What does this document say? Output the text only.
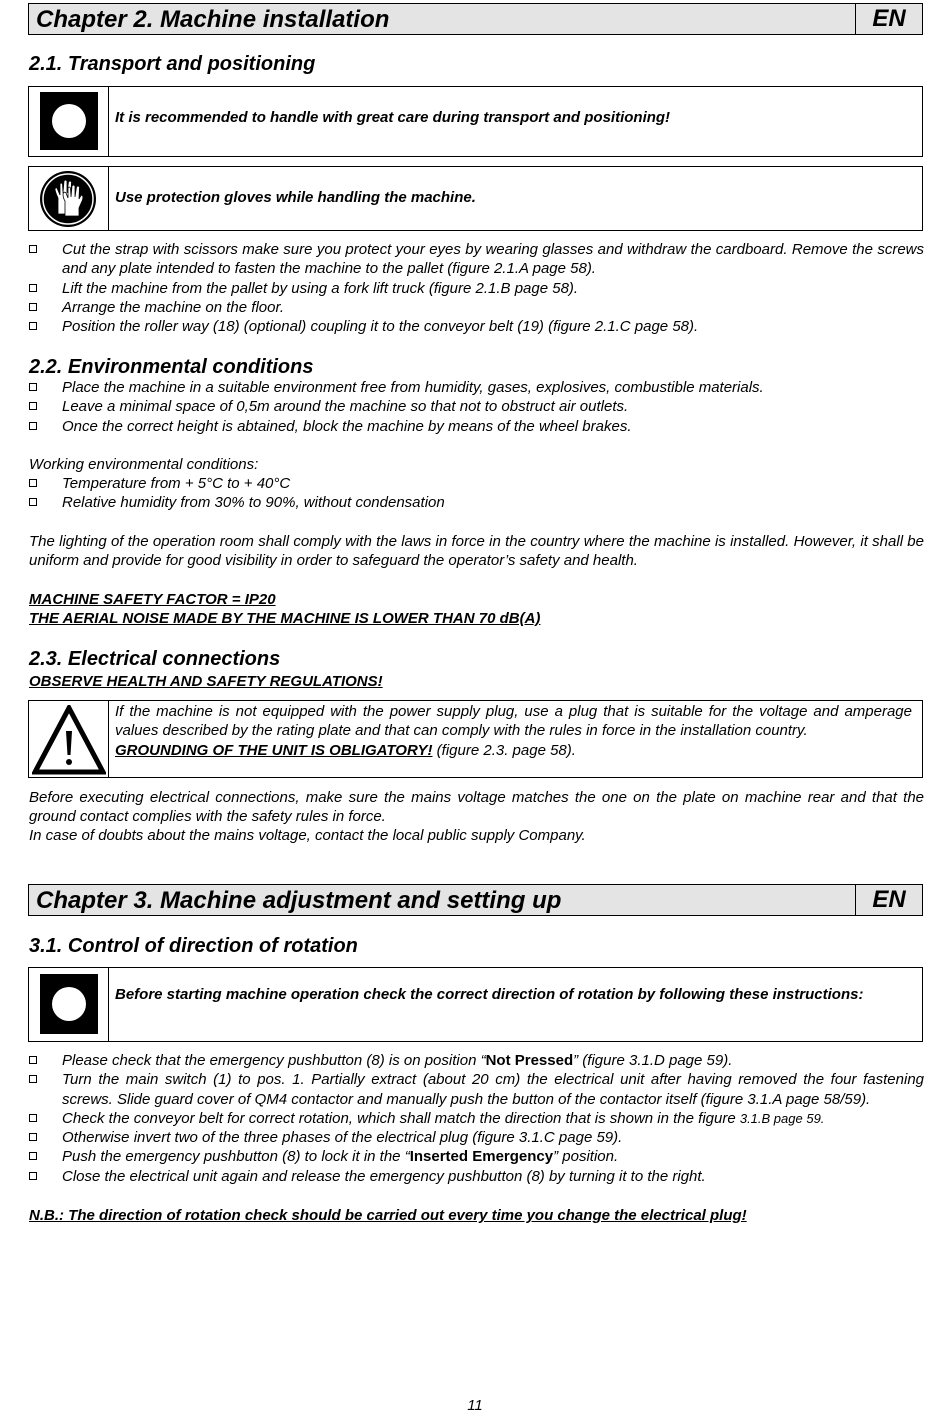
Chapter 2. Machine installation	EN
2.1. Transport and positioning
It is recommended to handle with great care during transport and positioning!
Use protection gloves while handling the machine.
Cut the strap with scissors make sure you protect your eyes by wearing glasses and withdraw the cardboard. Remove the screws and any plate intended to fasten the machine to the pallet (figure 2.1.A page 58).
Lift the machine from the pallet by using a fork lift truck (figure 2.1.B page 58).
Arrange the machine on the floor.
Position the roller way (18) (optional) coupling it to the conveyor belt (19) (figure 2.1.C page 58).
2.2. Environmental conditions
Place the machine in a suitable environment free from humidity, gases, explosives, combustible materials.
Leave a minimal space of 0,5m around the machine so that not to obstruct air outlets.
Once the correct height is abtained, block the machine by means of the wheel brakes.
Working environmental conditions:
Temperature from + 5°C to + 40°C
Relative humidity from 30% to 90%, without condensation
The lighting of the operation room shall comply with the laws in force in the country where the machine is installed. However, it shall be uniform and provide for good visibility in order to safeguard the operator’s safety and health.
MACHINE SAFETY FACTOR = IP20
THE AERIAL NOISE MADE BY THE MACHINE IS LOWER THAN 70 dB(A)
2.3. Electrical connections
OBSERVE HEALTH AND SAFETY REGULATIONS!
If the machine is not equipped with the power supply plug, use a plug that is suitable for the voltage and amperage values described by the rating plate and that can comply with the rules in force in the installation country.
GROUNDING OF THE UNIT IS OBLIGATORY! (figure 2.3. page 58).
Before executing electrical connections, make sure the mains voltage matches the one on the plate on machine rear and that the ground contact complies with the safety rules in force.
In case of doubts about the mains voltage, contact the local public supply Company.
Chapter 3. Machine adjustment and setting up	EN
3.1. Control of direction of rotation
Before starting machine operation check the correct direction of rotation by following these instructions:
Please check that the emergency pushbutton (8) is on position “Not Pressed” (figure 3.1.D page 59).
Turn the main switch (1) to pos. 1. Partially extract (about 20 cm) the electrical unit after having removed the four fastening screws. Slide guard cover of QM4 contactor and manually push the button of the contactor itself (figure 3.1.A page 58/59).
Check the conveyor belt for correct rotation, which shall match the direction that is shown in the figure 3.1.B page 59.
Otherwise invert two of the three phases of the electrical plug (figure 3.1.C page 59).
Push the emergency pushbutton (8) to lock it in the “Inserted Emergency” position.
Close the electrical unit again and release the emergency pushbutton (8) by turning it to the right.
N.B.: The direction of rotation check should be carried out every time you change the electrical plug!
11
